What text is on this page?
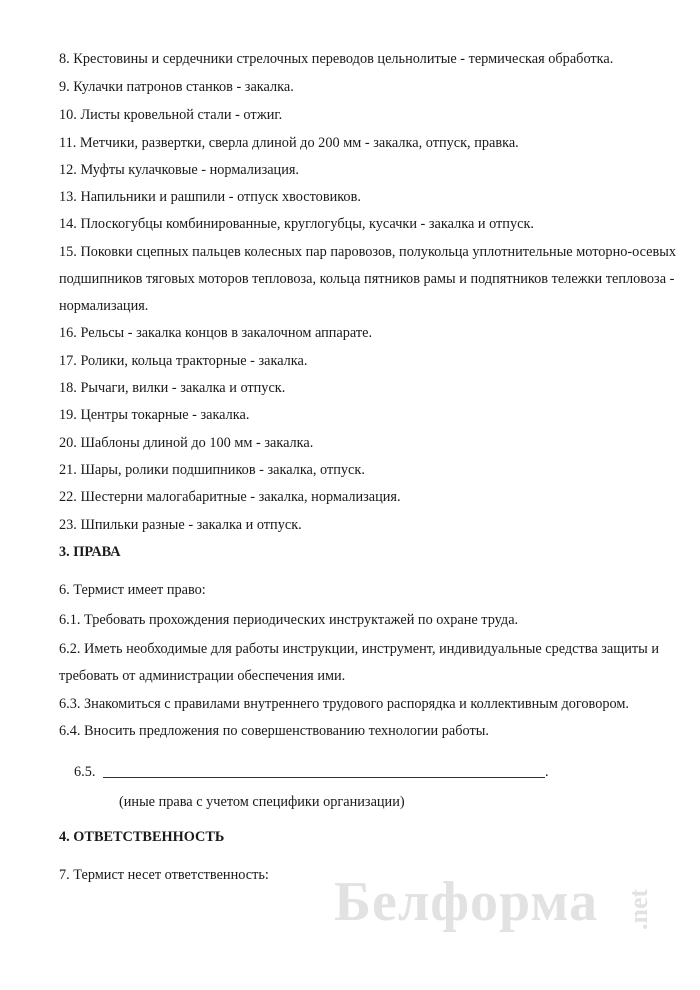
8. Крестовины и сердечники стрелочных переводов цельнолитые - термическая обработка.
9. Кулачки патронов станков - закалка.
10. Листы кровельной стали - отжиг.
11. Метчики, развертки, сверла длиной до 200 мм - закалка, отпуск, правка.
12. Муфты кулачковые - нормализация.
13. Напильники и рашпили - отпуск хвостовиков.
14. Плоскогубцы комбинированные, круглогубцы, кусачки - закалка и отпуск.
15. Поковки сцепных пальцев колесных пар паровозов, полукольца уплотнительные моторно-осевых
подшипников тяговых моторов тепловоза, кольца пятников рамы и подпятников тележки тепловоза -
нормализация.
16. Рельсы - закалка концов в закалочном аппарате.
17. Ролики, кольца тракторные - закалка.
18. Рычаги, вилки - закалка и отпуск.
19. Центры токарные - закалка.
20. Шаблоны длиной до 100 мм - закалка.
21. Шары, ролики подшипников - закалка, отпуск.
22. Шестерни малогабаритные - закалка, нормализация.
23. Шпильки разные - закалка и отпуск.
3. ПРАВА
6. Термист имеет право:
6.1. Требовать прохождения периодических инструктажей по охране труда.
6.2. Иметь необходимые для работы инструкции, инструмент, индивидуальные средства защиты и
требовать от администрации обеспечения ими.
6.3. Знакомиться с правилами внутреннего трудового распорядка и коллективным договором.
6.4. Вносить предложения по совершенствованию технологии работы.
6.5.	.
(иные права с учетом специфики организации)
4. ОТВЕТСТВЕННОСТЬ
7. Термист несет ответственность: Белформа .net
